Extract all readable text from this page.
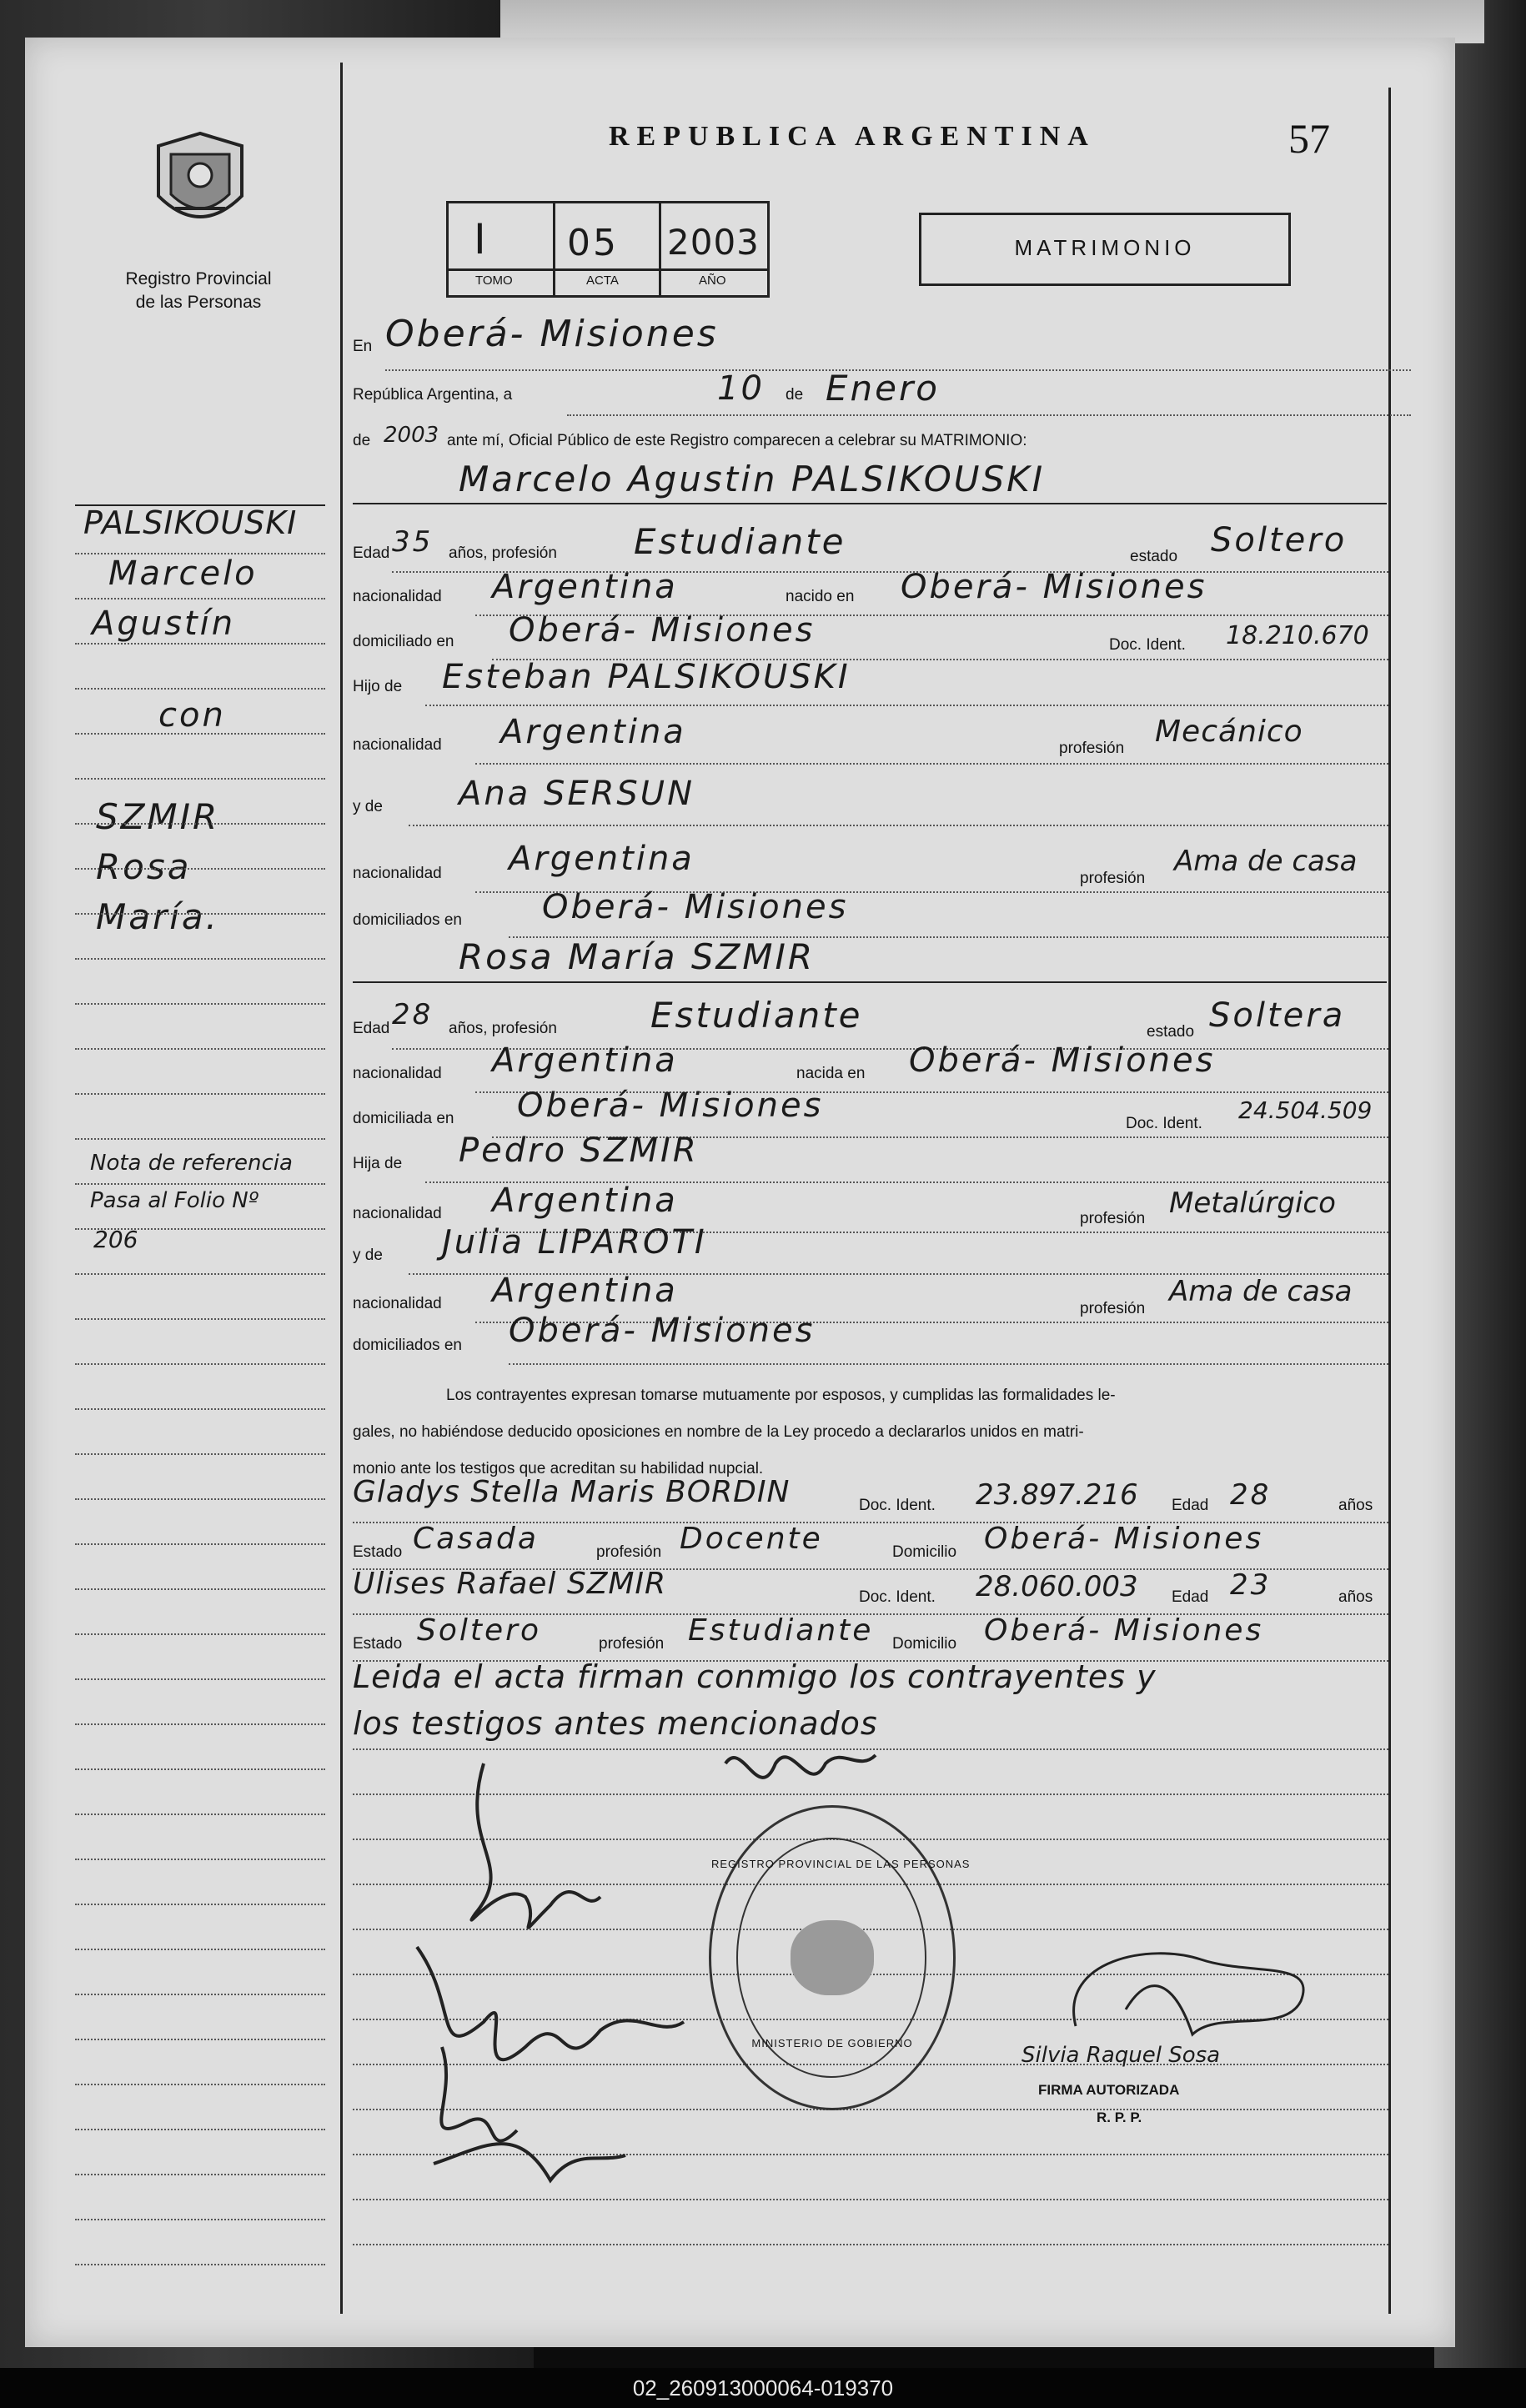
Registro Provincial
de las Personas
REPUBLICA ARGENTINA	57
I 05 2003
TOMO	ACTA	AÑO
MATRIMONIO
En Oberá- Misiones
República Argentina, a	10 de Enero
de 2003 ante mí, Oficial Público de este Registro comparecen a celebrar su MATRIMONIO:
PALSIKOUSKI
Marcelo
Agustín
con
SZMIR
Rosa
María.
Nota de referencia
Pasa al Folio Nº
206
Marcelo Agustin PALSIKOUSKI
Edad 35 años, profesión Estudiante	estado Soltero
nacionalidad Argentina	nacido en Oberá- Misiones
domiciliado en Oberá- Misiones	Doc. Ident. 18.210.670
Hijo de Esteban PALSIKOUSKI
nacionalidad Argentina	profesión Mecánico
y de Ana SERSUN
nacionalidad Argentina
profesión
Ama de casa
domiciliados en Oberá- Misiones
Rosa María SZMIR
Edad 28 años, profesión	Estudiante	estado Soltera
nacionalidad Argentina	nacida en Oberá- Misiones
domiciliada en Oberá- Misiones	Doc. Ident. 24.504.509
Hija de Pedro SZMIR
nacionalidad Argentina	profesión Metalúrgico
y de Julia LIPAROTI
nacionalidad Argentina	profesión
Ama de casa
domiciliados en Oberá- Misiones
Los contrayentes expresan tomarse mutuamente por esposos, y cumplidas las formalidades le-
gales, no habiéndose deducido oposiciones en nombre de la Ley procedo a declararlos unidos en matri-
monio ante los testigos que acreditan su habilidad nupcial.
Gladys Stella Maris BORDIN	Doc. Ident. 23.897.216 Edad 28	años
Estado Casada	profesión Docente	Domicilio Oberá- Misiones
Ulises Rafael SZMIR	Doc. Ident. 28.060.003 Edad 23	años
Estado Soltero	profesión Estudiante Domicilio Oberá- Misiones
Leida el acta firman conmigo los contrayentes y
los testigos antes mencionados
REGISTRO PROVINCIAL DE LAS PERSONAS
MINISTERIO DE GOBIERNO	Silvia Raquel Sosa
FIRMA AUTORIZADA
R. P. P.
02_260913000064-019370
